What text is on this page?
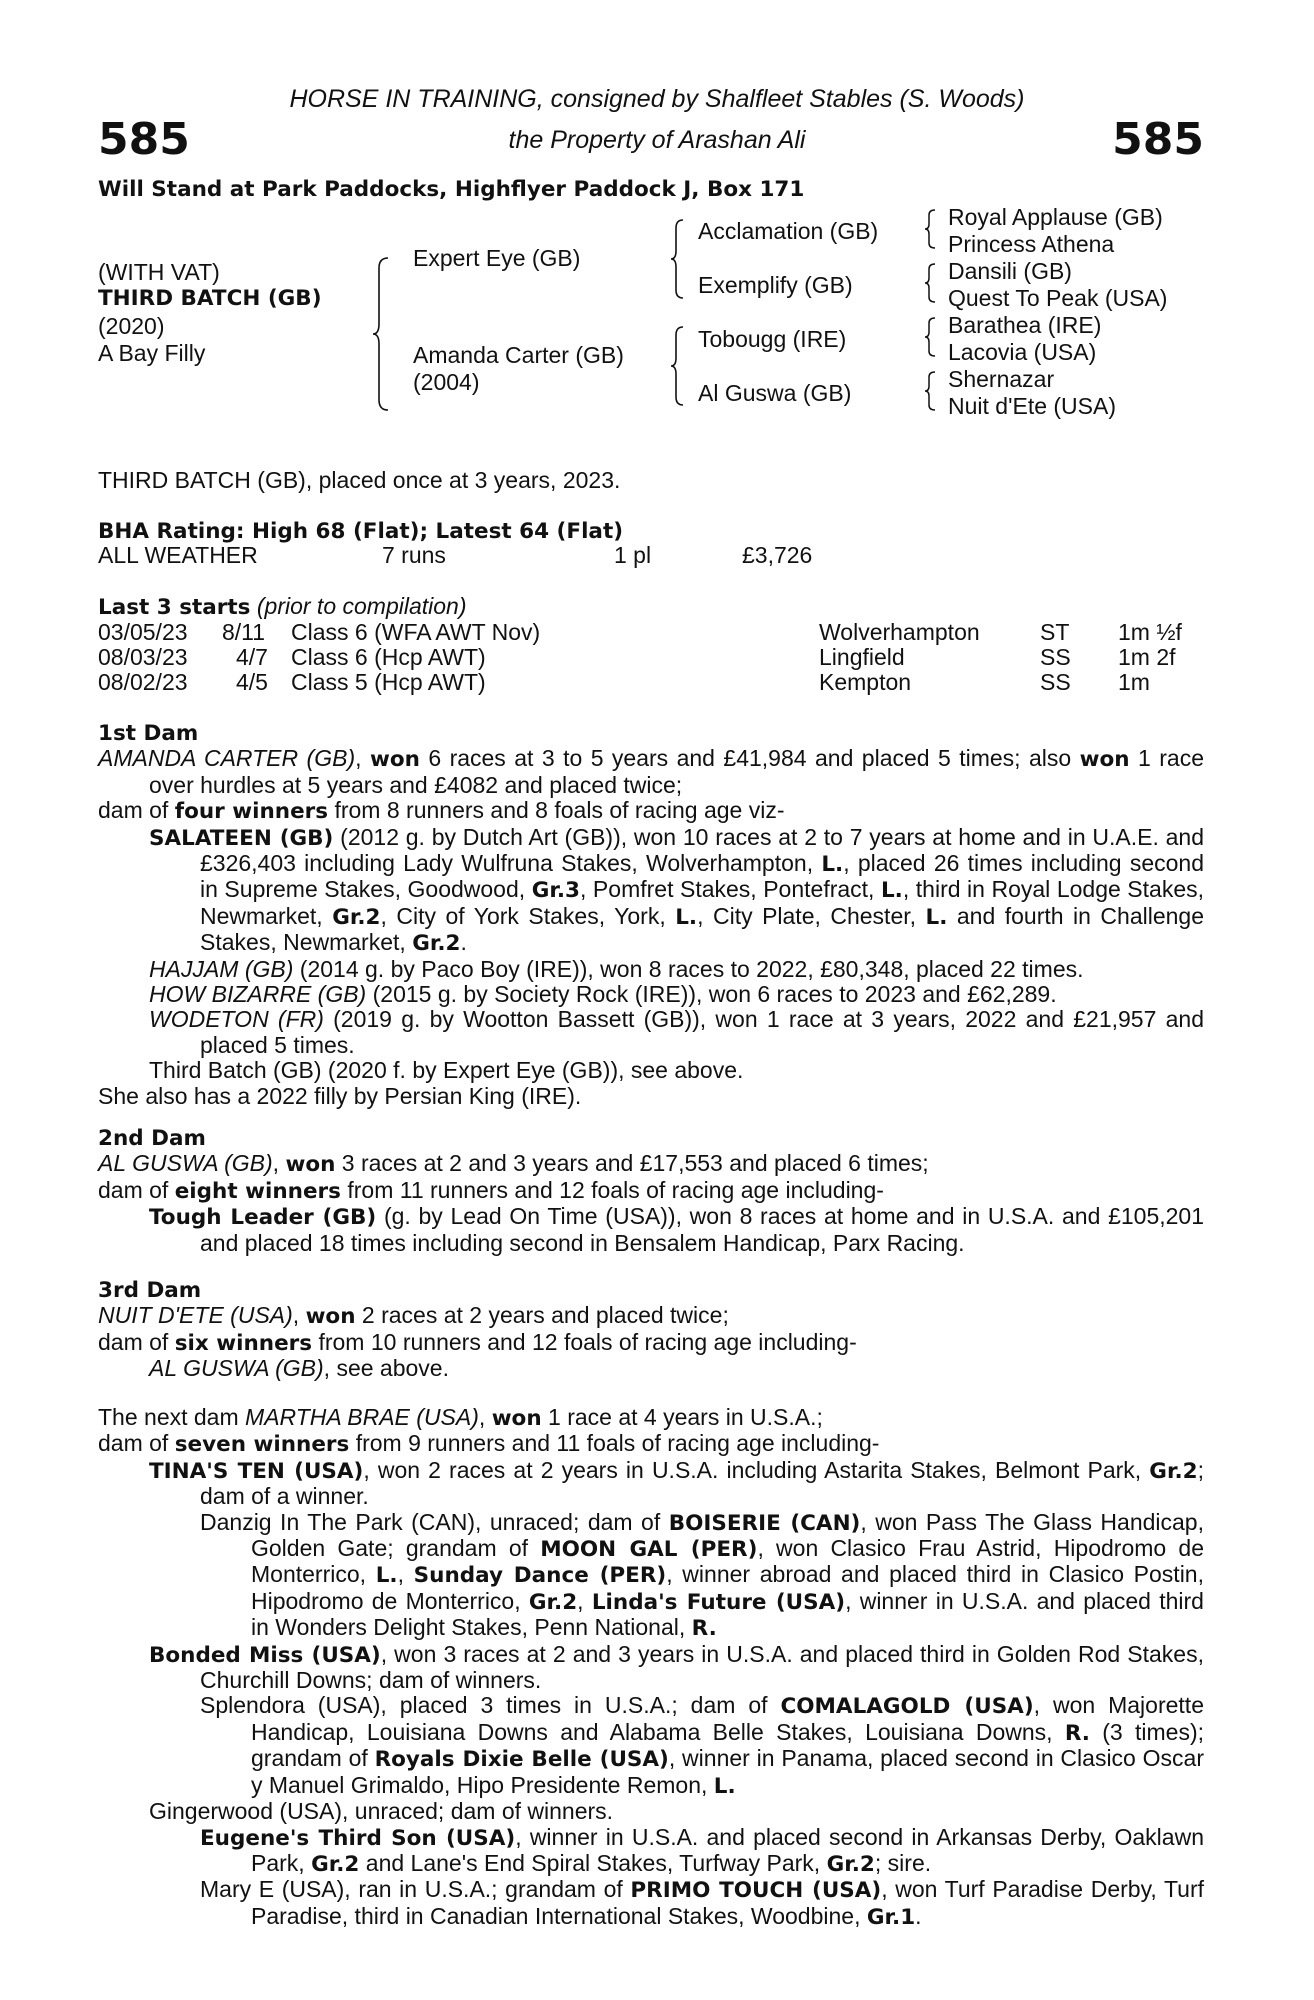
585	585
HORSE IN TRAINING, consigned by Shalfleet Stables (S. Woods)
the Property of Arashan Ali
Will Stand at Park Paddocks, Highflyer Paddock J, Box 171
(WITH VAT)
THIRD BATCH (GB)
(2020)
A Bay Filly
Expert Eye (GB)
Amanda Carter (GB)
(2004)
Acclamation (GB)
Exemplify (GB)
Tobougg (IRE)
Al Guswa (GB)
Royal Applause (GB)
Princess Athena
Dansili (GB)
Quest To Peak (USA)
Barathea (IRE)
Lacovia (USA)
Shernazar
Nuit d'Ete (USA)
THIRD BATCH (GB), placed once at 3 years, 2023.
BHA Rating: High 68 (Flat); Latest 64 (Flat)
ALL WEATHER	7 runs	1 pl	£3,726
Last 3 starts (prior to compilation)
03/05/23 8/11 Class 6 (WFA AWT Nov)	Wolverhampton	ST 1m ½f
08/03/23 4/7 Class 6 (Hcp AWT)	Lingfield	SS 1m 2f
08/02/23 4/5 Class 5 (Hcp AWT)	Kempton	SS 1m

1st Dam

AMANDA CARTER (GB), won 6 races at 3 to 5 years and £41,984 and placed 5 times; also won 1 race over hurdles at 5 years and £4082 and placed twice;

dam of four winners from 8 runners and 8 foals of racing age viz-

SALATEEN (GB) (2012 g. by Dutch Art (GB)), won 10 races at 2 to 7 years at home and in U.A.E. and £326,403 including Lady Wulfruna Stakes, Wolverhampton, L., placed 26 times including second in Supreme Stakes, Goodwood, Gr.3, Pomfret Stakes, Pontefract, L., third in Royal Lodge Stakes, Newmarket, Gr.2, City of York Stakes, York, L., City Plate, Chester, L. and fourth in Challenge Stakes, Newmarket, Gr.2.

HAJJAM (GB) (2014 g. by Paco Boy (IRE)), won 8 races to 2022, £80,348, placed 22 times.

HOW BIZARRE (GB) (2015 g. by Society Rock (IRE)), won 6 races to 2023 and £62,289.

WODETON (FR) (2019 g. by Wootton Bassett (GB)), won 1 race at 3 years, 2022 and £21,957 and placed 5 times.

Third Batch (GB) (2020 f. by Expert Eye (GB)), see above.

She also has a 2022 filly by Persian King (IRE).

2nd Dam

AL GUSWA (GB), won 3 races at 2 and 3 years and £17,553 and placed 6 times;

dam of eight winners from 11 runners and 12 foals of racing age including-

Tough Leader (GB) (g. by Lead On Time (USA)), won 8 races at home and in U.S.A. and £105,201 and placed 18 times including second in Bensalem Handicap, Parx Racing.

3rd Dam

NUIT D'ETE (USA), won 2 races at 2 years and placed twice;

dam of six winners from 10 runners and 12 foals of racing age including-

AL GUSWA (GB), see above.

The next dam MARTHA BRAE (USA), won 1 race at 4 years in U.S.A.;

dam of seven winners from 9 runners and 11 foals of racing age including-

TINA'S TEN (USA), won 2 races at 2 years in U.S.A. including Astarita Stakes, Belmont Park, Gr.2; dam of a winner.

Danzig In The Park (CAN), unraced; dam of BOISERIE (CAN), won Pass The Glass Handicap, Golden Gate; grandam of MOON GAL (PER), won Clasico Frau Astrid, Hipodromo de Monterrico, L., Sunday Dance (PER), winner abroad and placed third in Clasico Postin, Hipodromo de Monterrico, Gr.2, Linda's Future (USA), winner in U.S.A. and placed third in Wonders Delight Stakes, Penn National, R.

Bonded Miss (USA), won 3 races at 2 and 3 years in U.S.A. and placed third in Golden Rod Stakes, Churchill Downs; dam of winners.

Splendora (USA), placed 3 times in U.S.A.; dam of COMALAGOLD (USA), won Majorette Handicap, Louisiana Downs and Alabama Belle Stakes, Louisiana Downs, R. (3 times); grandam of Royals Dixie Belle (USA), winner in Panama, placed second in Clasico Oscar y Manuel Grimaldo, Hipo Presidente Remon, L.

Gingerwood (USA), unraced; dam of winners.

Eugene's Third Son (USA), winner in U.S.A. and placed second in Arkansas Derby, Oaklawn Park, Gr.2 and Lane's End Spiral Stakes, Turfway Park, Gr.2; sire.

Mary E (USA), ran in U.S.A.; grandam of PRIMO TOUCH (USA), won Turf Paradise Derby, Turf Paradise, third in Canadian International Stakes, Woodbine, Gr.1.
